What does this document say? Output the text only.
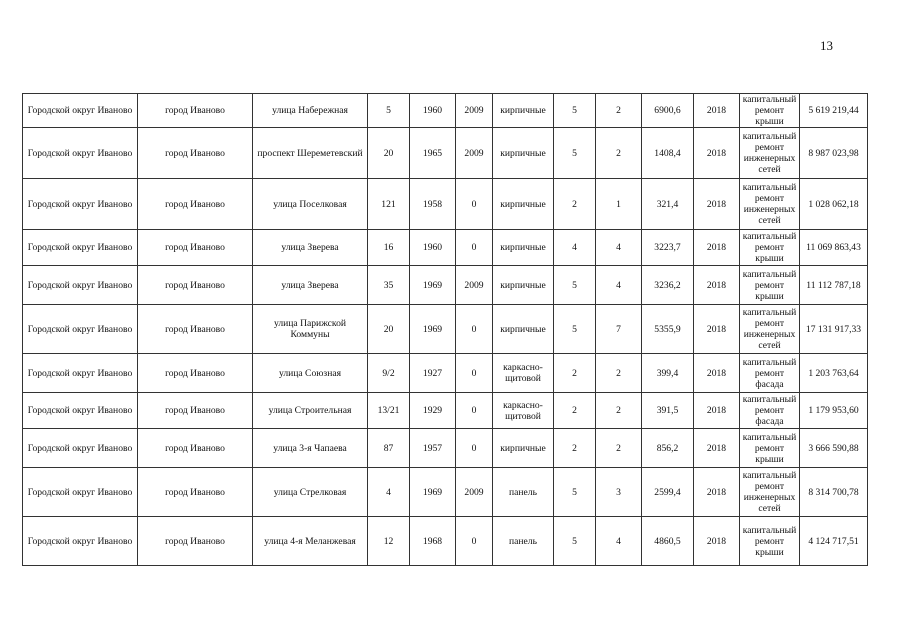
13
Городской округ Иваново	город Иваново	улица Набережная	5	1960	2009	кирпичные	5	2	6900,6	2018	капитальный ремонт крыши	5 619 219,44
Городской округ Иваново	город Иваново	проспект Шереметевский	20	1965	2009	кирпичные	5	2	1408,4	2018	капитальный ремонт инженерных сетей	8 987 023,98
Городской округ Иваново	город Иваново	улица Поселковая	121	1958	0	кирпичные	2	1	321,4	2018	капитальный ремонт инженерных сетей	1 028 062,18
Городской округ Иваново	город Иваново	улица Зверева	16	1960	0	кирпичные	4	4	3223,7	2018	капитальный ремонт крыши	11 069 863,43
Городской округ Иваново	город Иваново	улица Зверева	35	1969	2009	кирпичные	5	4	3236,2	2018	капитальный ремонт крыши	11 112 787,18
Городской округ Иваново	город Иваново	улица Парижской Коммуны	20	1969	0	кирпичные	5	7	5355,9	2018	капитальный ремонт инженерных сетей	17 131 917,33
Городской округ Иваново	город Иваново	улица Союзная	9/2	1927	0	каркасно-щитовой	2	2	399,4	2018	капитальный ремонт фасада	1 203 763,64
Городской округ Иваново	город Иваново	улица Строительная	13/21	1929	0	каркасно-щитовой	2	2	391,5	2018	капитальный ремонт фасада	1 179 953,60
Городской округ Иваново	город Иваново	улица 3-я Чапаева	87	1957	0	кирпичные	2	2	856,2	2018	капитальный ремонт крыши	3 666 590,88
Городской округ Иваново	город Иваново	улица Стрелковая	4	1969	2009	панель	5	3	2599,4	2018	капитальный ремонт инженерных сетей	8 314 700,78
Городской округ Иваново	город Иваново	улица 4-я Меланжевая	12	1968	0	панель	5	4	4860,5	2018	капитальный ремонт крыши	4 124 717,51
